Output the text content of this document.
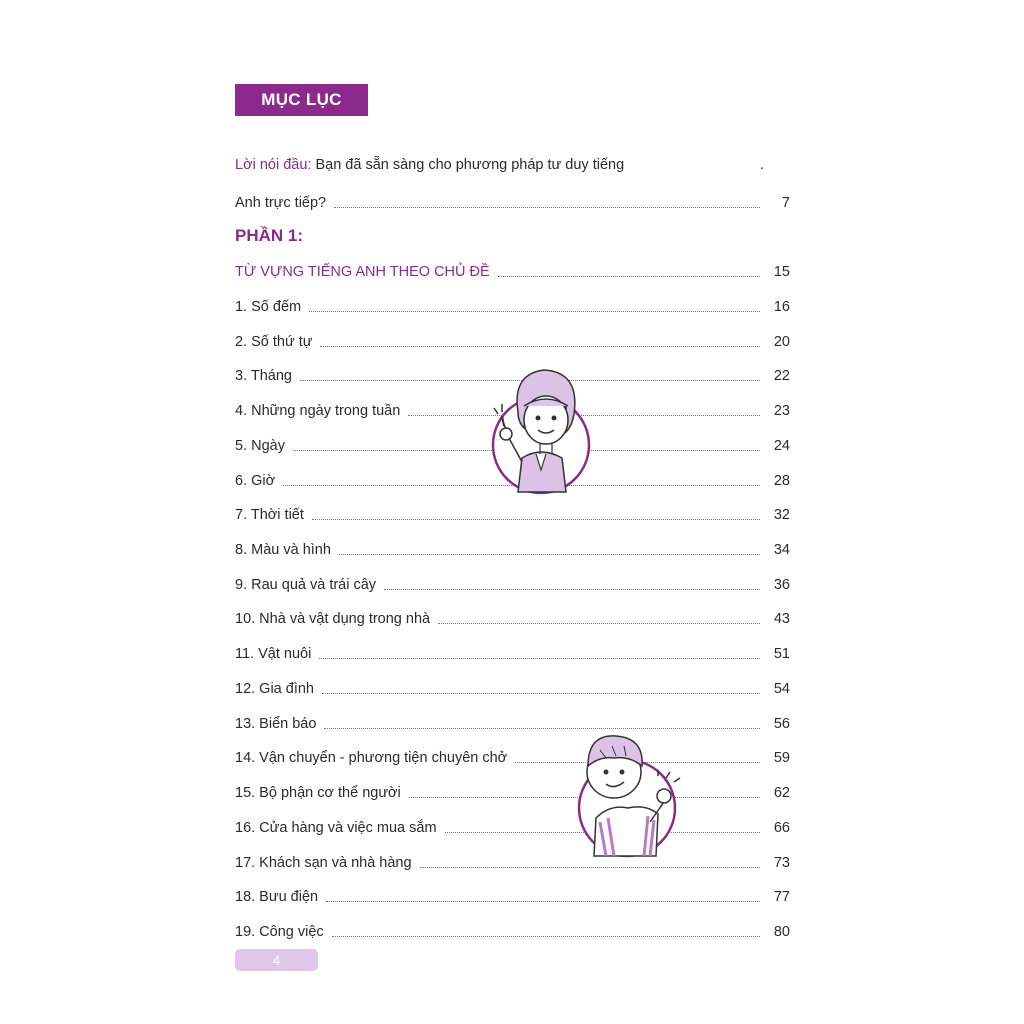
MỤC LỤC
Lời nói đầu: Bạn đã sẵn sàng cho phương pháp tư duy tiếng	.
Anh trực tiếp?	7
PHẦN 1:
TỪ VỰNG TIẾNG ANH THEO CHỦ ĐỀ	15
1. Số đếm	16
2. Số thứ tự	20
3. Tháng	22
4. Những ngày trong tuần	23
5. Ngày	24
6. Giờ	28
7. Thời tiết	32
8. Màu và hình	34
9. Rau quả và trái cây	36
10. Nhà và vật dụng trong nhà	43
11. Vật nuôi	51
12. Gia đình	54
13. Biển báo	56
14. Vận chuyển - phương tiện chuyên chở	59
15. Bộ phận cơ thể người	62
16. Cửa hàng và việc mua sắm	66
17. Khách sạn và nhà hàng	73
18. Bưu điện	77
19. Công việc	80
4
